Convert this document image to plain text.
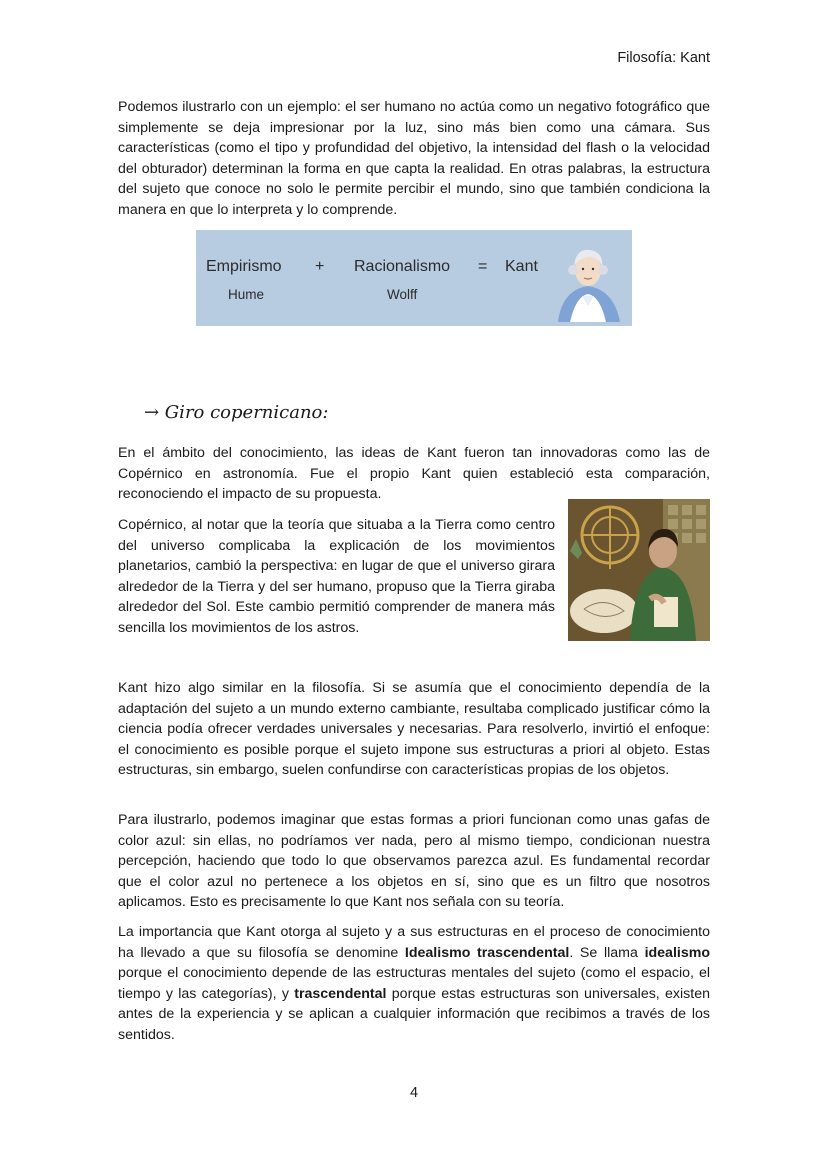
Filosofía: Kant

Podemos ilustrarlo con un ejemplo: el ser humano no actúa como un negativo fotográfico que simplemente se deja impresionar por la luz, sino más bien como una cámara. Sus características (como el tipo y profundidad del objetivo, la intensidad del flash o la velocidad del obturador) determinan la forma en que capta la realidad. En otras palabras, la estructura del sujeto que conoce no solo le permite percibir el mundo, sino que también condiciona la manera en que lo interpreta y lo comprende.

Empirismo + Racionalismo = Kant
Hume	Wolff
→ Giro copernicano:

En el ámbito del conocimiento, las ideas de Kant fueron tan innovadoras como las de Copérnico en astronomía. Fue el propio Kant quien estableció esta comparación, reconociendo el impacto de su propuesta.

Copérnico, al notar que la teoría que situaba a la Tierra como centro del universo complicaba la explicación de los movimientos planetarios, cambió la perspectiva: en lugar de que el universo girara alrededor de la Tierra y del ser humano, propuso que la Tierra giraba alrededor del Sol. Este cambio permitió comprender de manera más sencilla los movimientos de los astros.

Kant hizo algo similar en la filosofía. Si se asumía que el conocimiento dependía de la adaptación del sujeto a un mundo externo cambiante, resultaba complicado justificar cómo la ciencia podía ofrecer verdades universales y necesarias. Para resolverlo, invirtió el enfoque: el conocimiento es posible porque el sujeto impone sus estructuras a priori al objeto. Estas estructuras, sin embargo, suelen confundirse con características propias de los objetos.

Para ilustrarlo, podemos imaginar que estas formas a priori funcionan como unas gafas de color azul: sin ellas, no podríamos ver nada, pero al mismo tiempo, condicionan nuestra percepción, haciendo que todo lo que observamos parezca azul. Es fundamental recordar que el color azul no pertenece a los objetos en sí, sino que es un filtro que nosotros aplicamos. Esto es precisamente lo que Kant nos señala con su teoría.

La importancia que Kant otorga al sujeto y a sus estructuras en el proceso de conocimiento ha llevado a que su filosofía se denomine Idealismo trascendental. Se llama idealismo porque el conocimiento depende de las estructuras mentales del sujeto (como el espacio, el tiempo y las categorías), y trascendental porque estas estructuras son universales, existen antes de la experiencia y se aplican a cualquier información que recibimos a través de los sentidos.

4
